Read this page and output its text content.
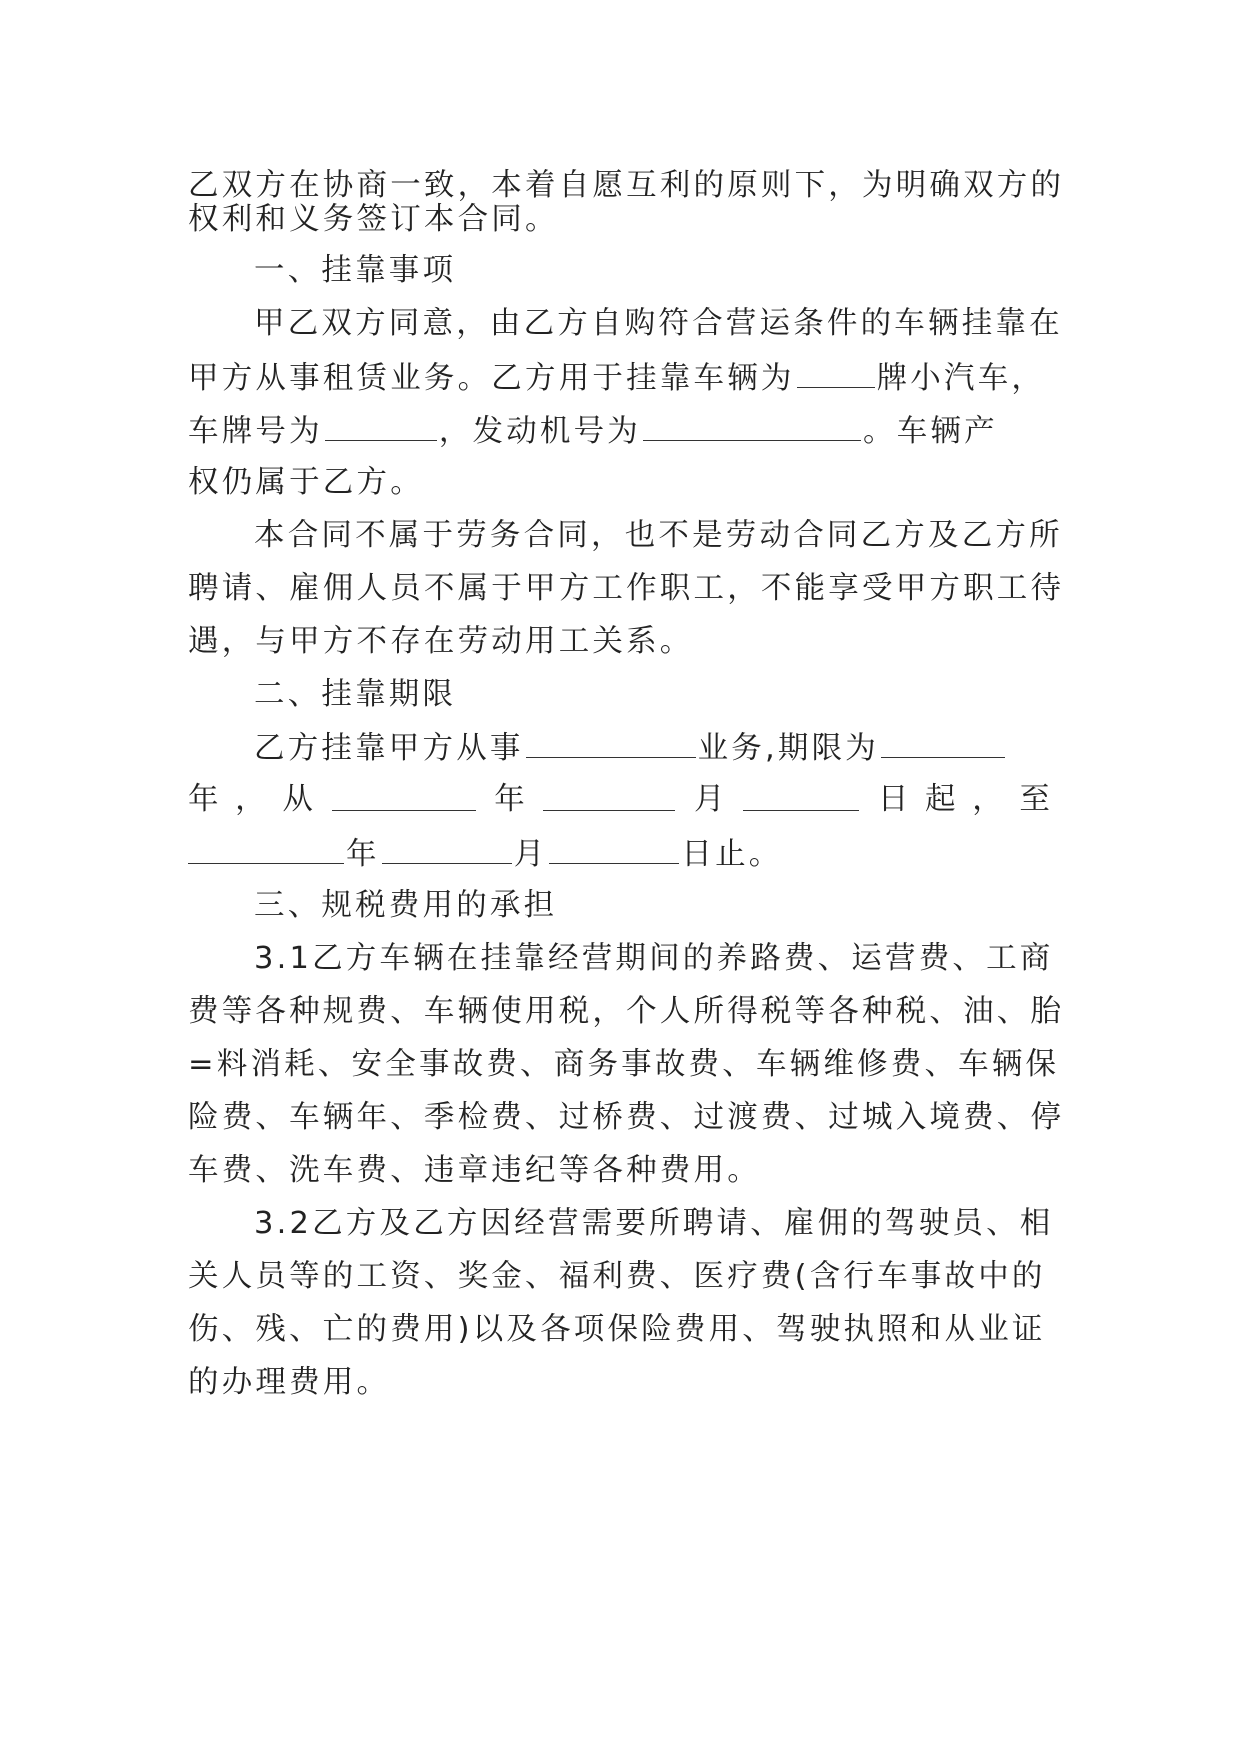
乙双方在协商一致，本着自愿互利的原则下，为明确双方的
权利和义务签订本合同。
一、挂靠事项
甲乙双方同意，由乙方自购符合营运条件的车辆挂靠在
甲方从事租赁业务。乙方用于挂靠车辆为	牌小汽车，
车牌号为	，发动机号为	。车辆产
权仍属于乙方。
本合同不属于劳务合同，也不是劳动合同乙方及乙方所
聘请、雇佣人员不属于甲方工作职工，不能享受甲方职工待
遇，与甲方不存在劳动用工关系。
二、挂靠期限
乙方挂靠甲方从事	业务,期限为
年 ， 从	年	月	日 起 ， 至
年	月	日止。
三、规税费用的承担
3.1乙方车辆在挂靠经营期间的养路费、运营费、工商
费等各种规费、车辆使用税，个人所得税等各种税、油、胎
=料消耗、安全事故费、商务事故费、车辆维修费、车辆保
险费、车辆年、季检费、过桥费、过渡费、过城入境费、停
车费、洗车费、违章违纪等各种费用。
3.2乙方及乙方因经营需要所聘请、雇佣的驾驶员、相
关人员等的工资、奖金、福利费、医疗费(含行车事故中的
伤、残、亡的费用)以及各项保险费用、驾驶执照和从业证
的办理费用。
